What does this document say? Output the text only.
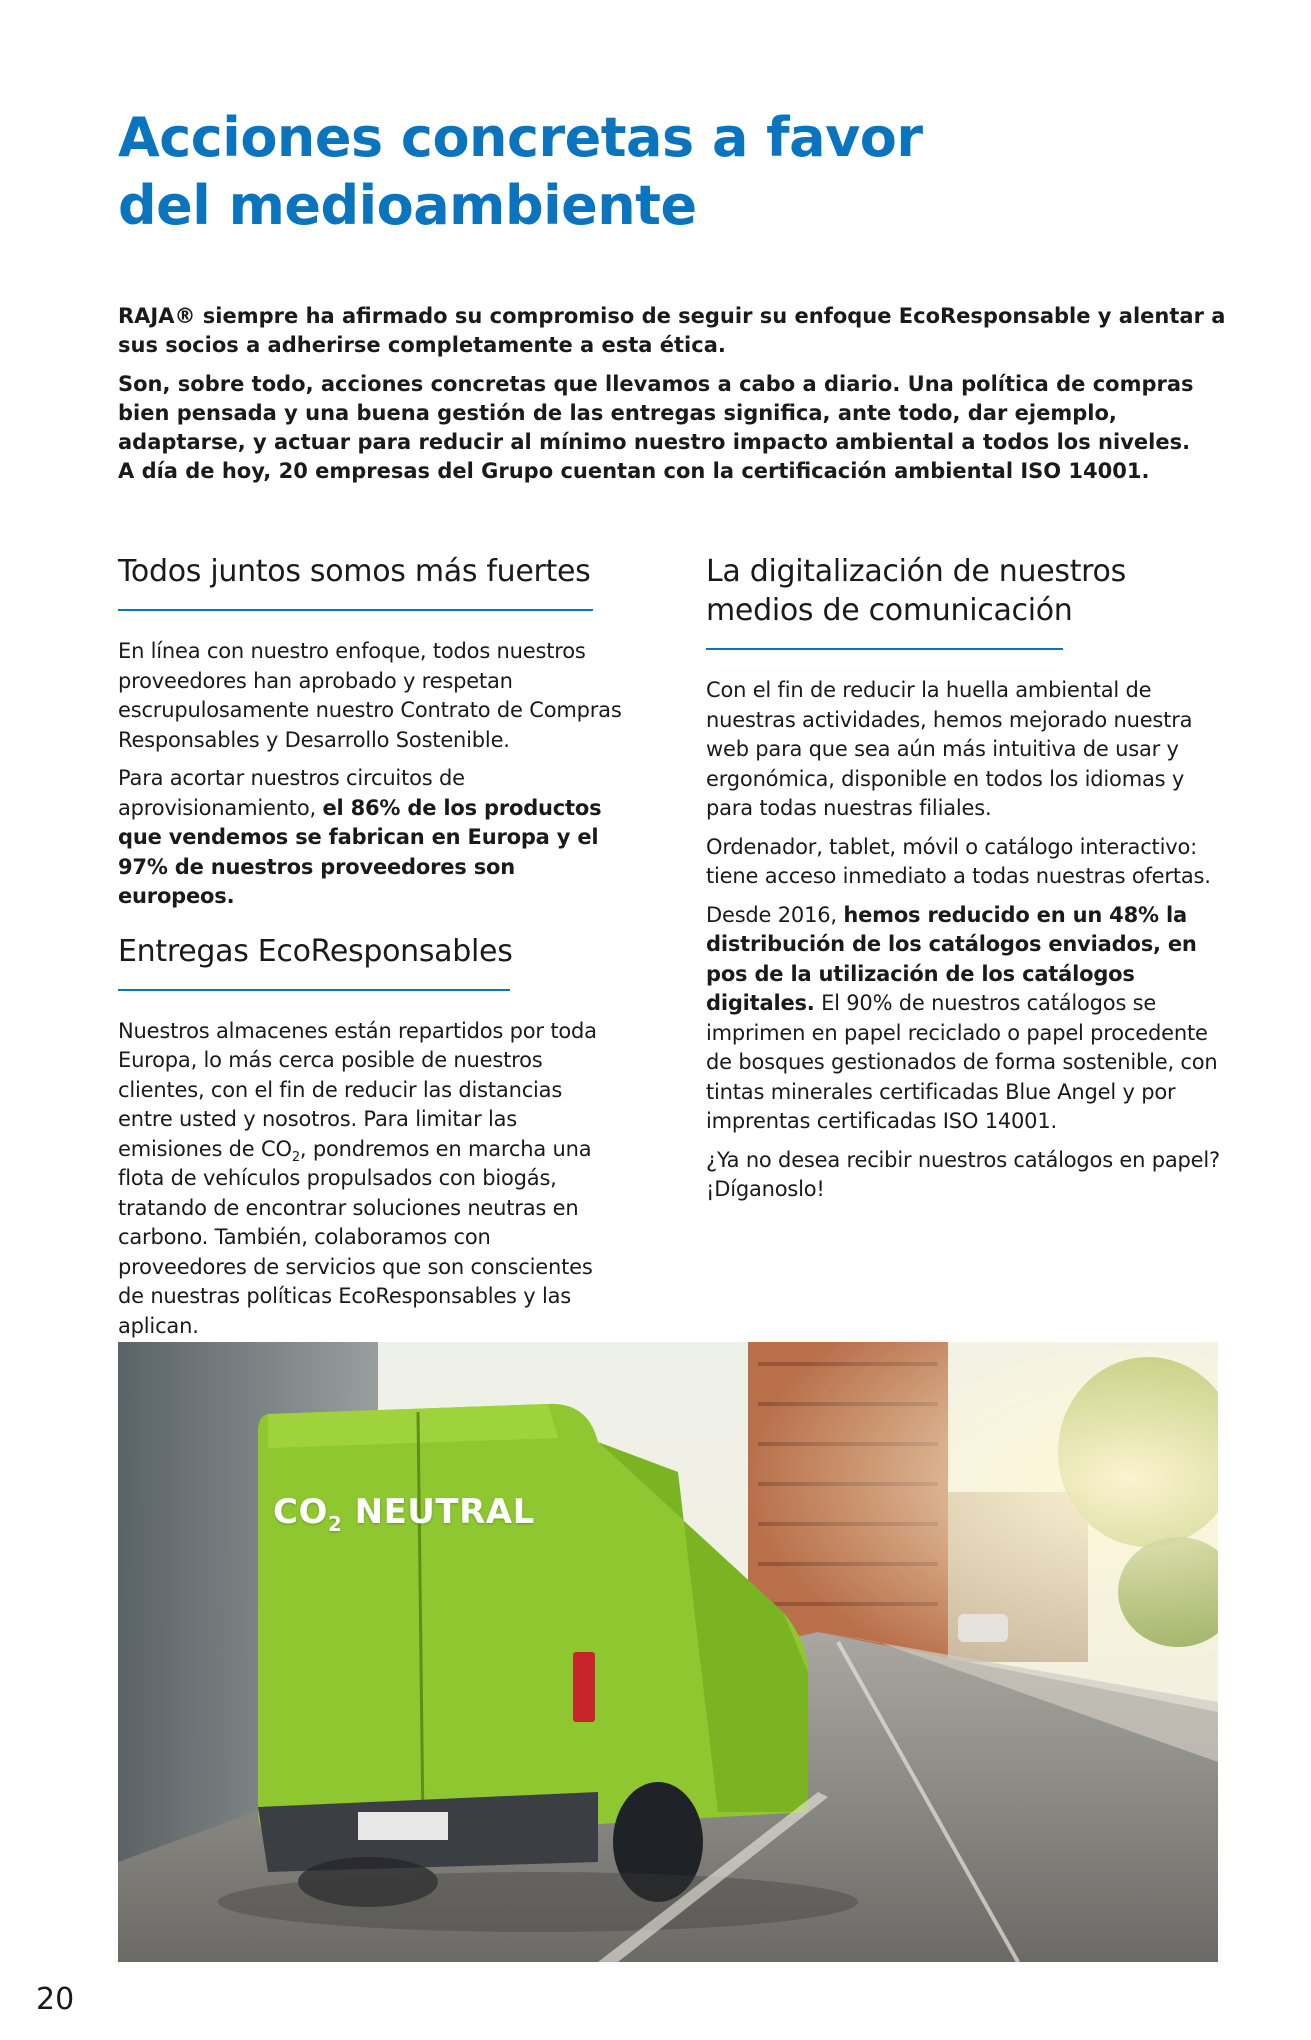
Acciones concretas a favor
del medioambiente

RAJA® siempre ha afirmado su compromiso de seguir su enfoque EcoResponsable y alentar a sus socios a adherirse completamente a esta ética.

Son, sobre todo, acciones concretas que llevamos a cabo a diario. Una política de compras bien pensada y una buena gestión de las entregas significa, ante todo, dar ejemplo, adaptarse, y actuar para reducir al mínimo nuestro impacto ambiental a todos los niveles.

A día de hoy, 20 empresas del Grupo cuentan con la certificación ambiental ISO 14001.

Todos juntos somos más fuertes

En línea con nuestro enfoque, todos nuestros proveedores han aprobado y respetan escrupulosamente nuestro Contrato de Compras Responsables y Desarrollo Sostenible.

Para acortar nuestros circuitos de aprovisionamiento, el 86% de los productos que vendemos se fabrican en Europa y el 97% de nuestros proveedores son europeos.

Entregas EcoResponsables

Nuestros almacenes están repartidos por toda Europa, lo más cerca posible de nuestros clientes, con el fin de reducir las distancias entre usted y nosotros. Para limitar las emisiones de $CO_2$, pondremos en marcha una flota de vehículos propulsados con biogás, tratando de encontrar soluciones neutras en carbono. También, colaboramos con proveedores de servicios que son conscientes de nuestras políticas EcoResponsables y las aplican.

La digitalización de nuestros medios de comunicación

Con el fin de reducir la huella ambiental de nuestras actividades, hemos mejorado nuestra web para que sea aún más intuitiva de usar y ergonómica, disponible en todos los idiomas y para todas nuestras filiales.

Ordenador, tablet, móvil o catálogo interactivo: tiene acceso inmediato a todas nuestras ofertas.

Desde 2016, hemos reducido en un 48% la distribución de los catálogos enviados, en pos de la utilización de los catálogos digitales. El 90% de nuestros catálogos se imprimen en papel reciclado o papel procedente de bosques gestionados de forma sostenible, con tintas minerales certificadas Blue Angel y por imprentas certificadas ISO 14001.

¿Ya no desea recibir nuestros catálogos en papel? ¡Díganoslo!

$CO_2$ NEUTRAL
20
